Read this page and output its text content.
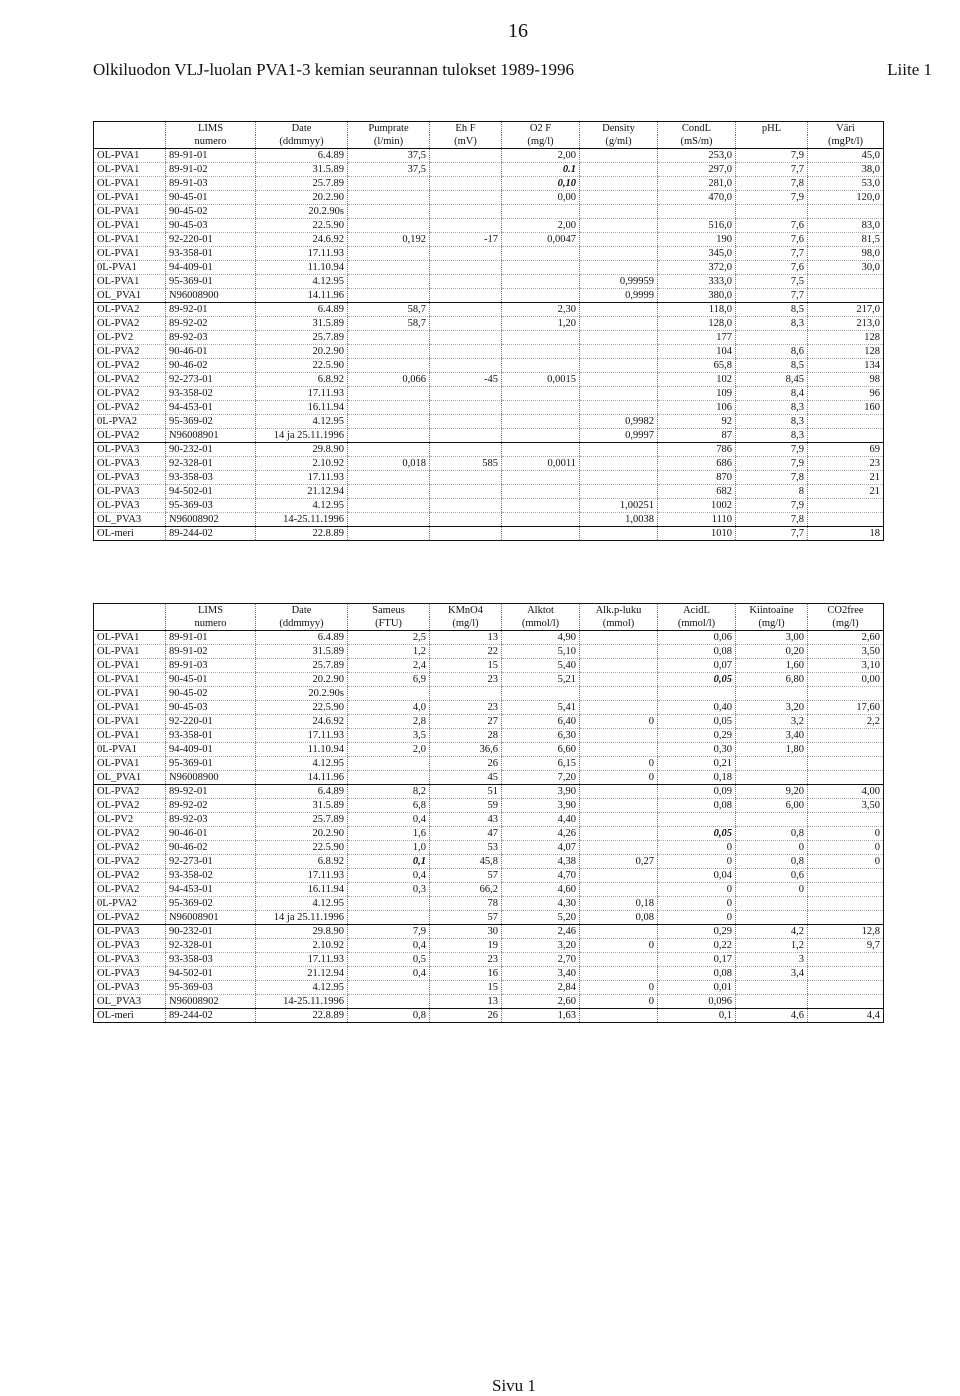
16
Olkiluodon VLJ-luolan PVA1-3 kemian seurannan tulokset 1989-1996	Liite 1
	LIMS	Date	Pumprate	Eh F	O2 F	Density	CondL	pHL	Väri
	numero	(ddmmyy)	(l/min)	(mV)	(mg/l)	(g/ml)	(mS/m)		(mgPt/l)
OL-PVA1	89-91-01	6.4.89	37,5		2,00		253,0	7,9	45,0
OL-PVA1	89-91-02	31.5.89	37,5		0.1		297,0	7,7	38,0
OL-PVA1	89-91-03	25.7.89			0,10		281,0	7,8	53,0
OL-PVA1	90-45-01	20.2.90			0,00		470,0	7,9	120,0
OL-PVA1	90-45-02	20.2.90s							
OL-PVA1	90-45-03	22.5.90			2,00		516,0	7,6	83,0
OL-PVA1	92-220-01	24.6.92	0,192	-17	0,0047		190	7,6	81,5
OL-PVA1	93-358-01	17.11.93					345,0	7,7	98,0
0L-PVA1	94-409-01	11.10.94					372,0	7,6	30,0
OL-PVA1	95-369-01	4.12.95				0,99959	333,0	7,5	
OL_PVA1	N96008900	14.11.96				0,9999	380,0	7,7	
OL-PVA2	89-92-01	6.4.89	58,7		2,30		118,0	8,5	217,0
OL-PVA2	89-92-02	31.5.89	58,7		1,20		128,0	8,3	213,0
OL-PV2	89-92-03	25.7.89					177		128
OL-PVA2	90-46-01	20.2.90					104	8,6	128
OL-PVA2	90-46-02	22.5.90					65,8	8,5	134
OL-PVA2	92-273-01	6.8.92	0,066	-45	0,0015		102	8,45	98
OL-PVA2	93-358-02	17.11.93					109	8,4	96
OL-PVA2	94-453-01	16.11.94					106	8,3	160
0L-PVA2	95-369-02	4.12.95				0,9982	92	8,3	
OL-PVA2	N96008901	14 ja 25.11.1996				0,9997	87	8,3	
OL-PVA3	90-232-01	29.8.90					786	7,9	69
OL-PVA3	92-328-01	2.10.92	0,018	585	0,0011		686	7,9	23
OL-PVA3	93-358-03	17.11.93					870	7,8	21
OL-PVA3	94-502-01	21.12.94					682	8	21
OL-PVA3	95-369-03	4.12.95				1,00251	1002	7,9	
OL_PVA3	N96008902	14-25.11.1996				1,0038	1110	7,8	
OL-meri	89-244-02	22.8.89					1010	7,7	18
	LIMS	Date	Sameus	KMnO4	Alktot	Alk.p-luku	AcidL	Kiintoaine	CO2free
	numero	(ddmmyy)	(FTU)	(mg/l)	(mmol/l)	(mmol)	(mmol/l)	(mg/l)	(mg/l)
OL-PVA1	89-91-01	6.4.89	2,5	13	4,90		0,06	3,00	2,60
OL-PVA1	89-91-02	31.5.89	1,2	22	5,10		0,08	0,20	3,50
OL-PVA1	89-91-03	25.7.89	2,4	15	5,40		0,07	1,60	3,10
OL-PVA1	90-45-01	20.2.90	6,9	23	5,21		0,05	6,80	0,00
OL-PVA1	90-45-02	20.2.90s							
OL-PVA1	90-45-03	22.5.90	4,0	23	5,41		0,40	3,20	17,60
OL-PVA1	92-220-01	24.6.92	2,8	27	6,40	0	0,05	3,2	2,2
OL-PVA1	93-358-01	17.11.93	3,5	28	6,30		0,29	3,40	
0L-PVA1	94-409-01	11.10.94	2,0	36,6	6,60		0,30	1,80	
OL-PVA1	95-369-01	4.12.95		26	6,15	0	0,21		
OL_PVA1	N96008900	14.11.96		45	7,20	0	0,18		
OL-PVA2	89-92-01	6.4.89	8,2	51	3,90		0,09	9,20	4,00
OL-PVA2	89-92-02	31.5.89	6,8	59	3,90		0,08	6,00	3,50
OL-PV2	89-92-03	25.7.89	0,4	43	4,40				
OL-PVA2	90-46-01	20.2.90	1,6	47	4,26		0,05	0,8	0
OL-PVA2	90-46-02	22.5.90	1,0	53	4,07		0	0	0
OL-PVA2	92-273-01	6.8.92	0,1	45,8	4,38	0,27	0	0,8	0
OL-PVA2	93-358-02	17.11.93	0,4	57	4,70		0,04	0,6	
OL-PVA2	94-453-01	16.11.94	0,3	66,2	4,60		0	0	
0L-PVA2	95-369-02	4.12.95		78	4,30	0,18	0		
OL-PVA2	N96008901	14 ja 25.11.1996		57	5,20	0,08	0		
OL-PVA3	90-232-01	29.8.90	7,9	30	2,46		0,29	4,2	12,8
OL-PVA3	92-328-01	2.10.92	0,4	19	3,20	0	0,22	1,2	9,7
OL-PVA3	93-358-03	17.11.93	0,5	23	2,70		0,17	3	
OL-PVA3	94-502-01	21.12.94	0,4	16	3,40		0,08	3,4	
OL-PVA3	95-369-03	4.12.95		15	2,84	0	0,01		
OL_PVA3	N96008902	14-25.11.1996		13	2,60	0	0,096		
OL-meri	89-244-02	22.8.89	0,8	26	1,63		0,1	4,6	4,4
Sivu 1
